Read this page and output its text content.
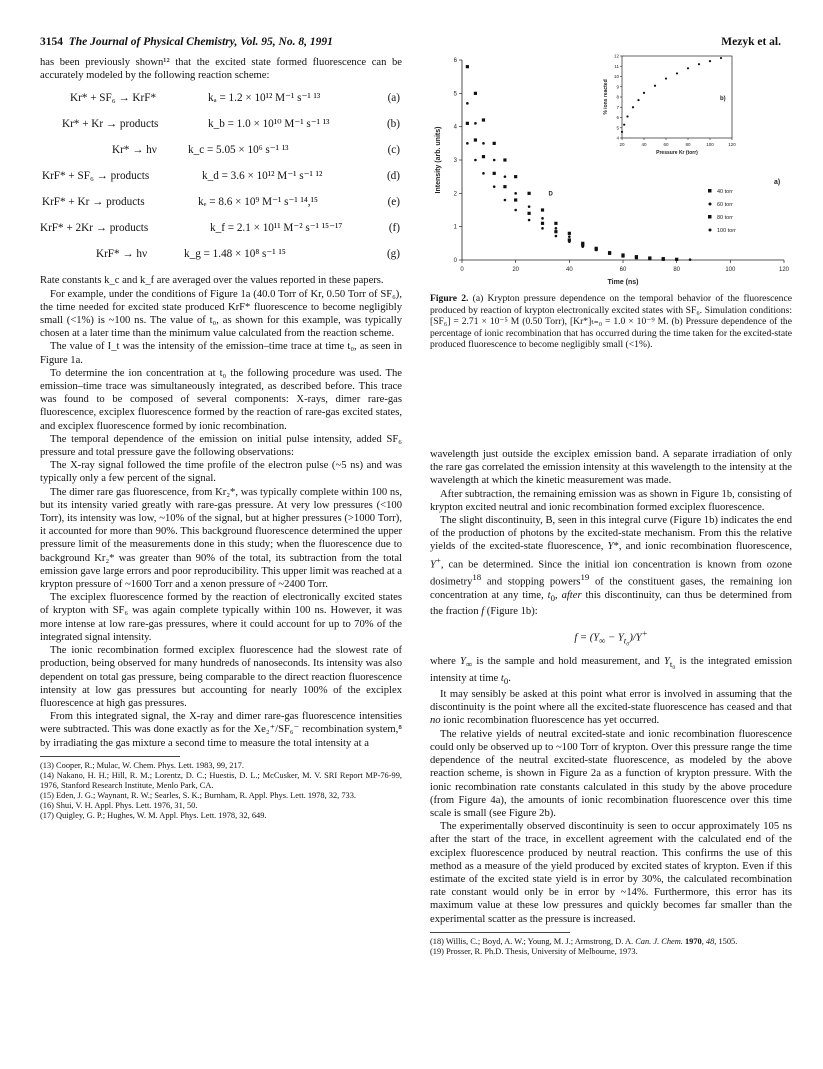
3154 The Journal of Physical Chemistry, Vol. 95, No. 8, 1991	Mezyk et al.

has been previously shown¹² that the excited state formed fluorescence can be accurately modeled by the following reaction scheme:

Kr* + SF₆ → KrF*	kₐ = 1.2 × 10¹² M⁻¹ s⁻¹ ¹³	(a)
Kr* + Kr → products	k_b = 1.0 × 10¹⁰ M⁻¹ s⁻¹ ¹³	(b)
Kr* → hν	k_c = 5.05 × 10⁶ s⁻¹ ¹³	(c)
KrF* + SF₆ → products	k_d = 3.6 × 10¹² M⁻¹ s⁻¹ ¹²	(d)
KrF* + Kr → products	kₑ = 8.6 × 10⁹ M⁻¹ s⁻¹ ¹⁴,¹⁵	(e)
KrF* + 2Kr → products	k_f = 2.1 × 10¹¹ M⁻² s⁻¹ ¹⁵⁻¹⁷	(f)
KrF* → hν	k_g = 1.48 × 10⁸ s⁻¹ ¹⁵	(g)

Rate constants k_c and k_f are averaged over the values reported in these papers.

For example, under the conditions of Figure 1a (40.0 Torr of Kr, 0.50 Torr of SF₆), the time needed for excited state produced KrF* fluorescence to become negligibly small (<1%) is ~100 ns. The value of t₀, as shown for this example, was typically chosen at a later time than the minimum value calculated from the reaction scheme.

The value of I_t was the intensity of the emission–time trace at time t₀, as seen in Figure 1a.

To determine the ion concentration at t₀ the following procedure was used. The emission–time trace was simultaneously integrated, as described before. This trace was found to be composed of several components: X-rays, dimer rare-gas fluorescence, exciplex fluorescence formed by the reaction of rare-gas excited states, and exciplex fluorescence formed by ionic recombination.

The temporal dependence of the emission on initial pulse intensity, added SF₆ pressure and total pressure gave the following observations:

The X-ray signal followed the time profile of the electron pulse (~5 ns) and was typically only a few percent of the signal.

The dimer rare gas fluorescence, from Kr₂*, was typically complete within 100 ns, but its intensity varied greatly with rare-gas pressure. At very low pressures (<100 Torr), its intensity was low, ~10% of the signal, but at higher pressures (>1000 Torr), it accounted for more than 90%. This background fluorescence determined the upper pressure limit of the measurements done in this study; when the fluorescence due to background Kr₂* was greater than 90% of the total, its subtraction from the total emission gave large errors and poor reproducibility. This upper limit was reached at a krypton pressure of ~1600 Torr and a xenon pressure of ~2400 Torr.

The exciplex fluorescence formed by the reaction of electronically excited states of krypton with SF₆ was again complete typically within 100 ns. However, it was more intense at low rare-gas pressures, where it could account for up to 70% of the integrated signal intensity.

The ionic recombination formed exciplex fluorescence had the slowest rate of production, being observed for many hundreds of nanoseconds. Its intensity was also dependent on total gas pressure, being comparable to the direct reaction fluorescence intensity at low gas pressures but accounting for nearly 100% of the exciplex fluorescence at high gas pressures.

From this integrated signal, the X-ray and dimer rare-gas fluorescence intensities were subtracted. This was done exactly as for the Xe₂⁺/SF₆⁻ recombination system,⁸ by irradiating the gas mixture a second time to measure the total intensity at a

(13) Cooper, R.; Mulac, W. Chem. Phys. Lett. 1983, 99, 217.

(14) Nakano, H. H.; Hill, R. M.; Lorentz, D. C.; Huestis, D. L.; McCusker, M. V. SRI Report MP-76-99, 1976, Stanford Research Institute, Menlo Park, CA.

(15) Eden, J. G.; Waynant, R. W.; Searles, S. K.; Burnham, R. Appl. Phys. Lett. 1978, 32, 733.

(16) Shui, V. H. Appl. Phys. Lett. 1976, 31, 50.

(17) Quigley, G. P.; Hughes, W. M. Appl. Phys. Lett. 1978, 32, 649.

0	20	40	60	80	100	120
0
1
2
3
4
5
6
Time (ns)
Intensity (arb. units)	a)
40 torr
60 torr
80 torr
100 torr
D
20	40	60	80	100	120
4
5
6
7
8
9
10
11
12
Pressure Kr (torr)
% ions reacted	b)
Figure 2. (a) Krypton pressure dependence on the temporal behavior of the fluorescence produced by reaction of krypton electronically excited states with SF₆. Simulation conditions: [SF₆] = 2.71 × 10⁻⁵ M (0.50 Torr), [Kr*]ₜ₌₀ = 1.0 × 10⁻⁹ M. (b) Pressure dependence of the percentage of ionic recombination that has occurred during the time taken for the excited-state produced fluorescence to become negligibly small (<1%).

wavelength just outside the exciplex emission band. A separate irradiation of only the rare gas correlated the emission intensity at this wavelength to the intensity at the wavelength at which the kinetic measurement was made.

After subtraction, the remaining emission was as shown in Figure 1b, consisting of krypton excited neutral and ionic recombination formed exciplex fluorescence.

The slight discontinuity, B, seen in this integral curve (Figure 1b) indicates the end of the production of photons by the excited-state mechanism. From this the relative yields of the excited-state fluorescence, Y*, and ionic recombination fluorescence, Y+, can be determined. Since the initial ion concentration is known from ozone dosimetry$^{18}$ and stopping powers$^{19}$ of the constituent gases, the remaining ion concentration at any time, $t_0$, after this discontinuity, can thus be determined from the fraction f (Figure 1b):

$f = (Y_\infty - Y_{t_0})/Y^+$

where $Y_\infty$ is the sample and hold measurement, and $Y_{t_0}$ is the integrated emission intensity at time $t_0$.

It may sensibly be asked at this point what error is involved in assuming that the discontinuity is the point where all the excited-state fluorescence has ceased and that no ionic recombination fluorescence has yet occurred.

The relative yields of neutral excited-state and ionic recombination fluorescence could only be observed up to ~100 Torr of krypton. Over this pressure range the time dependence of the neutral excited-state fluorescence, as modeled by the above reaction scheme, is shown in Figure 2a as a function of krypton pressure. With the ionic recombination rate constants calculated in this study by the above procedure (from Figure 4a), the amounts of ionic recombination fluorescence over this time scale is small (see Figure 2b).

The experimentally observed discontinuity is seen to occur approximately 105 ns after the start of the trace, in excellent agreement with the calculated end of the exciplex fluorescence produced by neutral reaction. This confirms the use of this method as a measure of the yield produced by excited states of krypton. Even if this estimate of the excited state yield is in error by 30%, the calculated recombination rate constant would only be in error by ~14%. Furthermore, this error has its maximum value at these low pressures and quickly becomes far smaller than the experimental scatter as the pressure is increased.

(18) Willis, C.; Boyd, A. W.; Young, M. J.; Armstrong, D. A. Can. J. Chem. 1970, 48, 1505.

(19) Prosser, R. Ph.D. Thesis, University of Melbourne, 1973.
